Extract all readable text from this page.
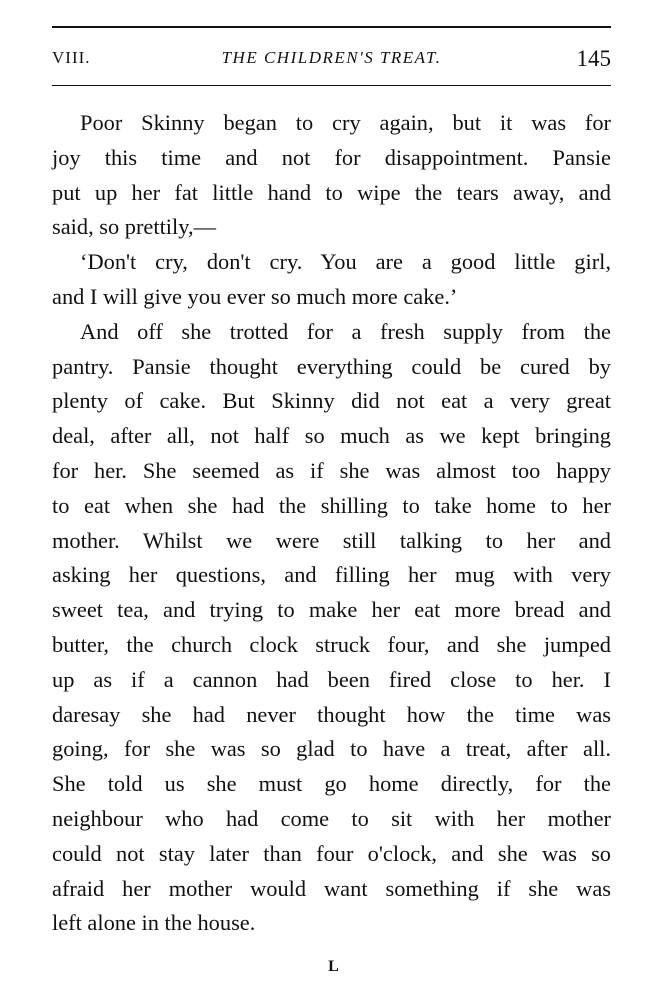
VIII.	THE CHILDREN'S TREAT.	145
Poor Skinny began to cry again, but it was for
joy this time and not for disappointment. Pansie
put up her fat little hand to wipe the tears away, and
said, so prettily,—
‘Don't cry, don't cry. You are a good little girl,
and I will give you ever so much more cake.’
And off she trotted for a fresh supply from the
pantry. Pansie thought everything could be cured by
plenty of cake. But Skinny did not eat a very great
deal, after all, not half so much as we kept bringing
for her. She seemed as if she was almost too happy
to eat when she had the shilling to take home to her
mother. Whilst we were still talking to her and
asking her questions, and filling her mug with very
sweet tea, and trying to make her eat more bread and
butter, the church clock struck four, and she jumped
up as if a cannon had been fired close to her. I
daresay she had never thought how the time was
going, for she was so glad to have a treat, after all.
She told us she must go home directly, for the
neighbour who had come to sit with her mother
could not stay later than four o'clock, and she was so
afraid her mother would want something if she was
left alone in the house.
L
